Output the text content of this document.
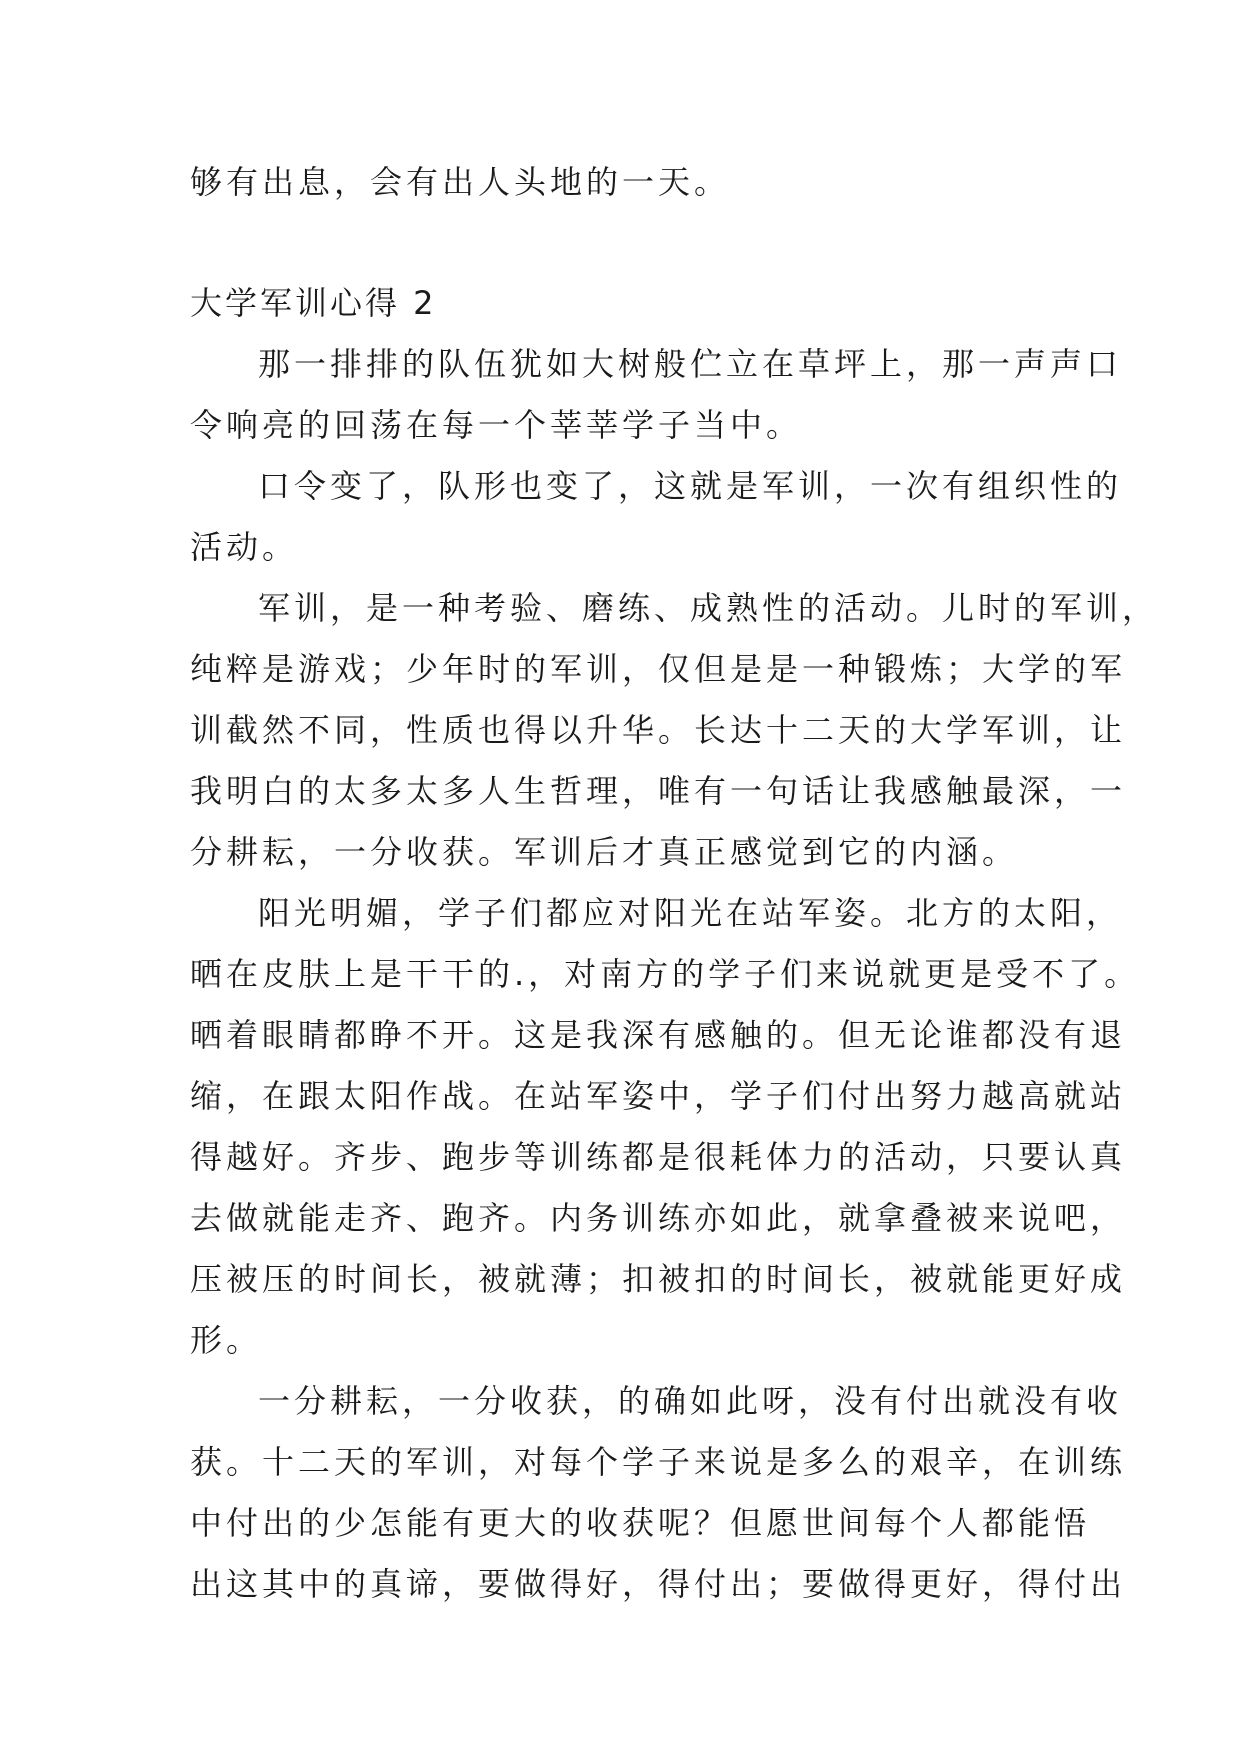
够有出息，会有出人头地的一天。

大学军训心得 2

那一排排的队伍犹如大树般伫立在草坪上，那一声声口
令响亮的回荡在每一个莘莘学子当中。

口令变了，队形也变了，这就是军训，一次有组织性的
活动。

军训，是一种考验、磨练、成熟性的活动。儿时的军训，
纯粹是游戏；少年时的军训，仅但是是一种锻炼；大学的军
训截然不同，性质也得以升华。长达十二天的大学军训，让
我明白的太多太多人生哲理，唯有一句话让我感触最深，一
分耕耘，一分收获。军训后才真正感觉到它的内涵。

阳光明媚，学子们都应对阳光在站军姿。北方的太阳，
晒在皮肤上是干干的.，对南方的学子们来说就更是受不了。
晒着眼睛都睁不开。这是我深有感触的。但无论谁都没有退
缩，在跟太阳作战。在站军姿中，学子们付出努力越高就站
得越好。齐步、跑步等训练都是很耗体力的活动，只要认真
去做就能走齐、跑齐。内务训练亦如此，就拿叠被来说吧，
压被压的时间长，被就薄；扣被扣的时间长，被就能更好成
形。

一分耕耘，一分收获，的确如此呀，没有付出就没有收
获。十二天的军训，对每个学子来说是多么的艰辛，在训练
中付出的少怎能有更大的收获呢？但愿世间每个人都能悟
出这其中的真谛，要做得好，得付出；要做得更好，得付出
